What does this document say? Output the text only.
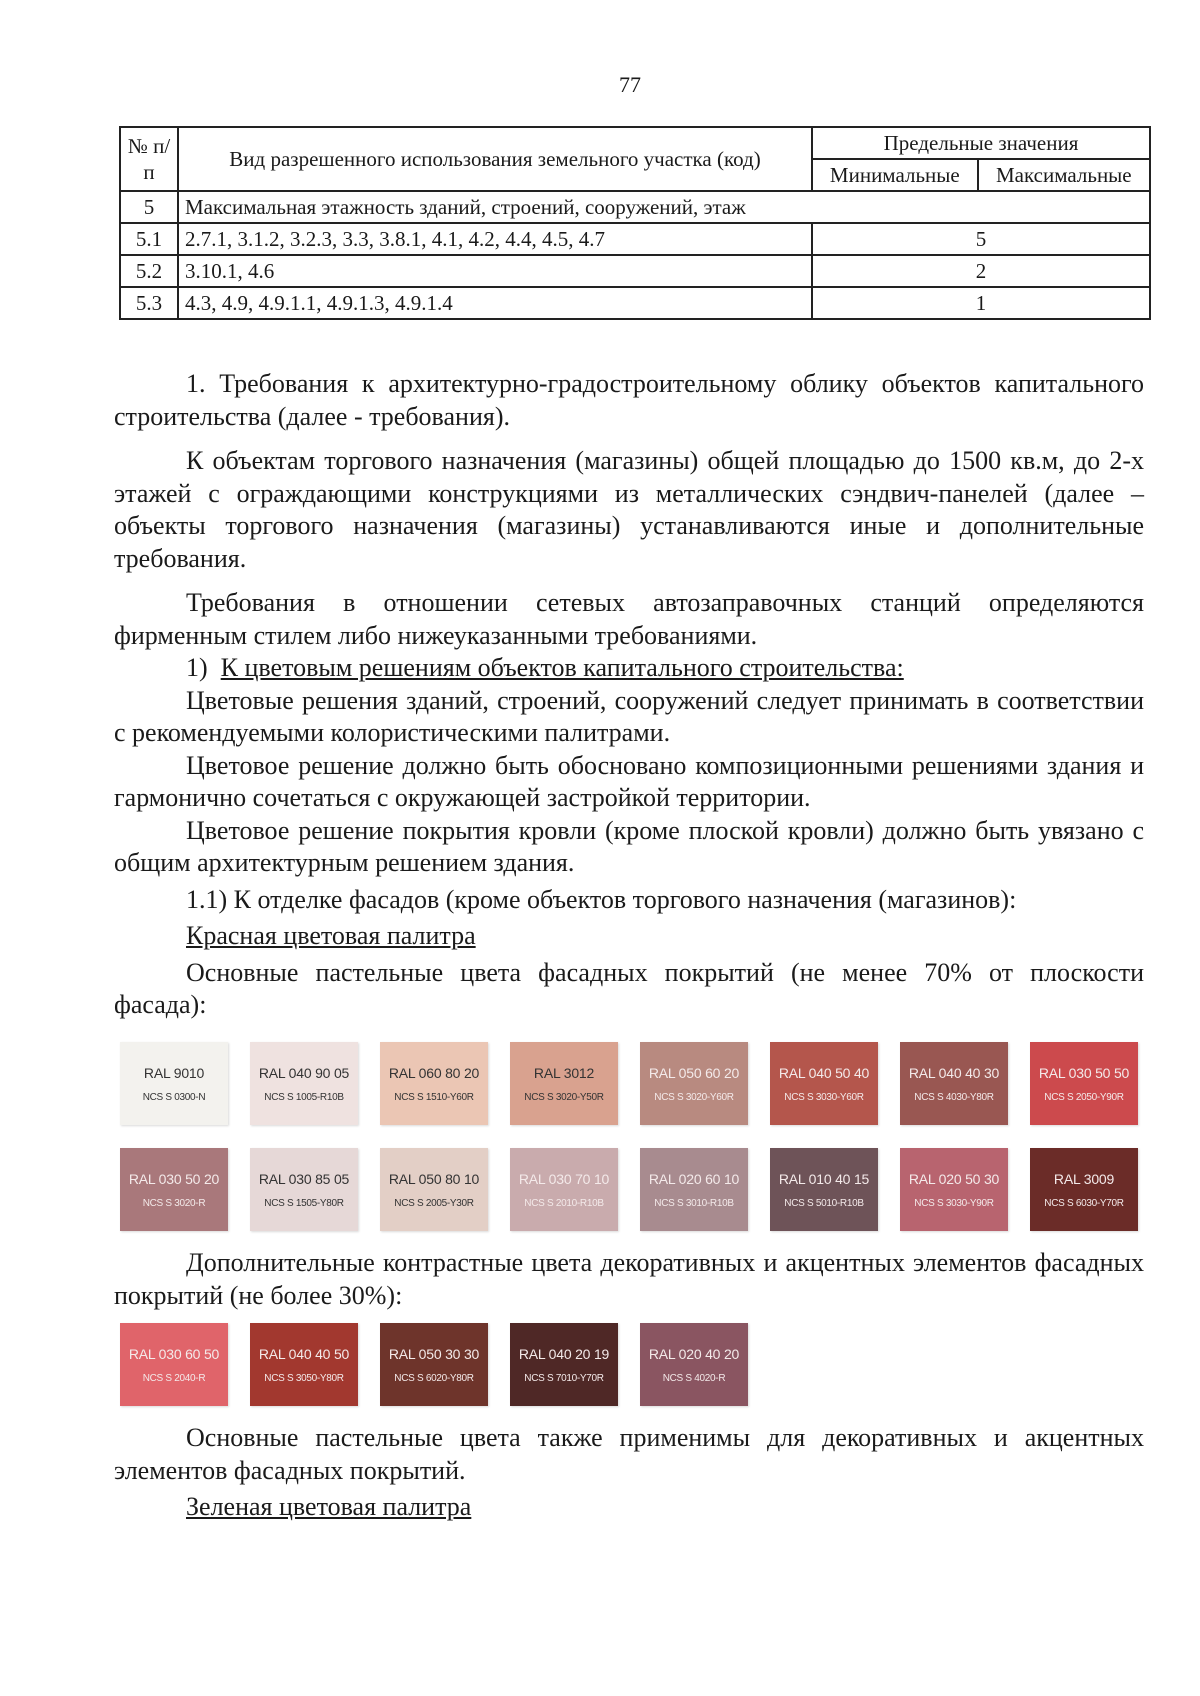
77
№ п/п	Вид разрешенного использования земельного участка (код)	Предельные значения	
		Минимальные	Максимальные
5	Максимальная этажность зданий, строений, сооружений, этаж		
5.1	2.7.1, 3.1.2, 3.2.3, 3.3, 3.8.1, 4.1, 4.2, 4.4, 4.5, 4.7	5	
5.2	3.10.1, 4.6	2	
5.3	4.3, 4.9, 4.9.1.1, 4.9.1.3, 4.9.1.4	1	

1. Требования к архитектурно-градостроительному облику объектов капитального строительства (далее - требования).

К объектам торгового назначения (магазины) общей площадью до 1500 кв.м, до 2-х этажей с ограждающими конструкциями из металлических сэндвич-панелей (далее – объекты торгового назначения (магазины) устанавливаются иные и дополнительные требования.

Требования в отношении сетевых автозаправочных станций определяются фирменным стилем либо нижеуказанными требованиями.

1) К цветовым решениям объектов капитального строительства:

Цветовые решения зданий, строений, сооружений следует принимать в соответствии с рекомендуемыми колористическими палитрами.

Цветовое решение должно быть обосновано композиционными решениями здания и гармонично сочетаться с окружающей застройкой территории.

Цветовое решение покрытия кровли (кроме плоской кровли) должно быть увязано с общим архитектурным решением здания.

1.1) К отделке фасадов (кроме объектов торгового назначения (магазинов):

Красная цветовая палитра

Основные пастельные цвета фасадных покрытий (не менее 70% от плоскости фасада):

RAL 9010
NCS S 0300-N
RAL 040 90 05
NCS S 1005-R10B
RAL 060 80 20
NCS S 1510-Y60R
RAL 3012
NCS S 3020-Y50R
RAL 050 60 20
NCS S 3020-Y60R
RAL 040 50 40
NCS S 3030-Y60R
RAL 040 40 30
NCS S 4030-Y80R
RAL 030 50 50
NCS S 2050-Y90R
RAL 030 50 20
NCS S 3020-R
RAL 030 85 05
NCS S 1505-Y80R
RAL 050 80 10
NCS S 2005-Y30R
RAL 030 70 10
NCS S 2010-R10B
RAL 020 60 10
NCS S 3010-R10B
RAL 010 40 15
NCS S 5010-R10B
RAL 020 50 30
NCS S 3030-Y90R
RAL 3009
NCS S 6030-Y70R

Дополнительные контрастные цвета декоративных и акцентных элементов фасадных покрытий (не более 30%):

RAL 030 60 50
NCS S 2040-R
RAL 040 40 50
NCS S 3050-Y80R
RAL 050 30 30
NCS S 6020-Y80R
RAL 040 20 19
NCS S 7010-Y70R
RAL 020 40 20
NCS S 4020-R

Основные пастельные цвета также применимы для декоративных и акцентных элементов фасадных покрытий.

Зеленая цветовая палитра
